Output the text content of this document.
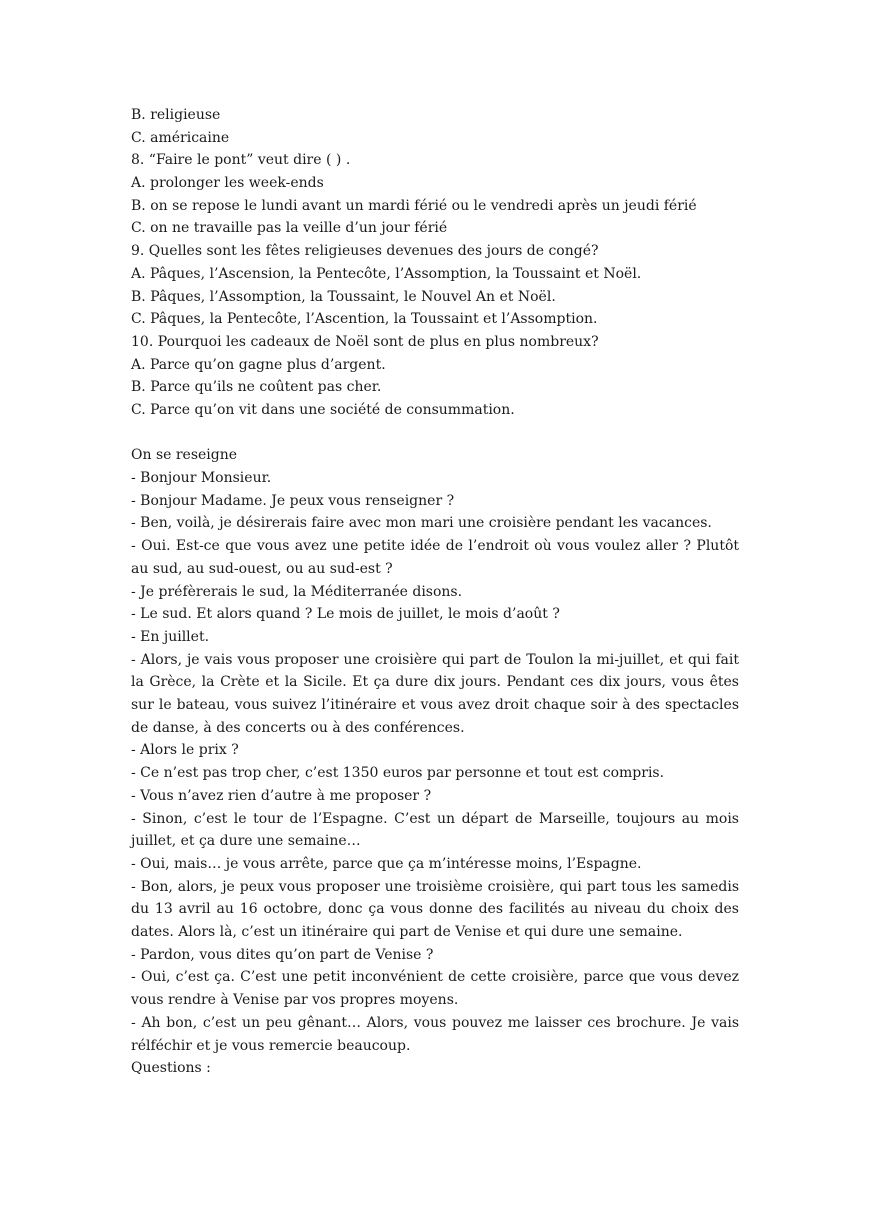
B. religieuse
C. américaine
8. “Faire le pont” veut dire ( ) .
A. prolonger les week-ends
B. on se repose le lundi avant un mardi férié ou le vendredi après un jeudi férié
C. on ne travaille pas la veille d’un jour férié
9. Quelles sont les fêtes religieuses devenues des jours de congé?
A. Pâques, l’Ascension, la Pentecôte, l’Assomption, la Toussaint et Noël.
B. Pâques, l’Assomption, la Toussaint, le Nouvel An et Noël.
C. Pâques, la Pentecôte, l’Ascention, la Toussaint et l’Assomption.
10. Pourquoi les cadeaux de Noël sont de plus en plus nombreux?
A. Parce qu’on gagne plus d’argent.
B. Parce qu’ils ne coûtent pas cher.
C. Parce qu’on vit dans une société de consummation.
On se reseigne
- Bonjour Monsieur.
- Bonjour Madame. Je peux vous renseigner ?
- Ben, voilà, je désirerais faire avec mon mari une croisière pendant les vacances.
- Oui. Est-ce que vous avez une petite idée de l’endroit où vous voulez aller ? Plutôt au sud, au sud-ouest, ou au sud-est ?
- Je préfèrerais le sud, la Méditerranée disons.
- Le sud. Et alors quand ? Le mois de juillet, le mois d’août ?
- En juillet.
- Alors, je vais vous proposer une croisière qui part de Toulon la mi-juillet, et qui fait la Grèce, la Crète et la Sicile. Et ça dure dix jours. Pendant ces dix jours, vous êtes sur le bateau, vous suivez l’itinéraire et vous avez droit chaque soir à des spectacles de danse, à des concerts ou à des conférences.
- Alors le prix ?
- Ce n’est pas trop cher, c’est 1350 euros par personne et tout est compris.
- Vous n’avez rien d’autre à me proposer ?
- Sinon, c’est le tour de l’Espagne. C’est un départ de Marseille, toujours au mois juillet, et ça dure une semaine…
- Oui, mais… je vous arrête, parce que ça m’intéresse moins, l’Espagne.
- Bon, alors, je peux vous proposer une troisième croisière, qui part tous les samedis du 13 avril au 16 octobre, donc ça vous donne des facilités au niveau du choix des dates. Alors là, c’est un itinéraire qui part de Venise et qui dure une semaine.
- Pardon, vous dites qu’on part de Venise ?
- Oui, c’est ça. C’est une petit inconvénient de cette croisière, parce que vous devez vous rendre à Venise par vos propres moyens.
- Ah bon, c’est un peu gênant… Alors, vous pouvez me laisser ces brochure. Je vais rélféchir et je vous remercie beaucoup.
Questions :
